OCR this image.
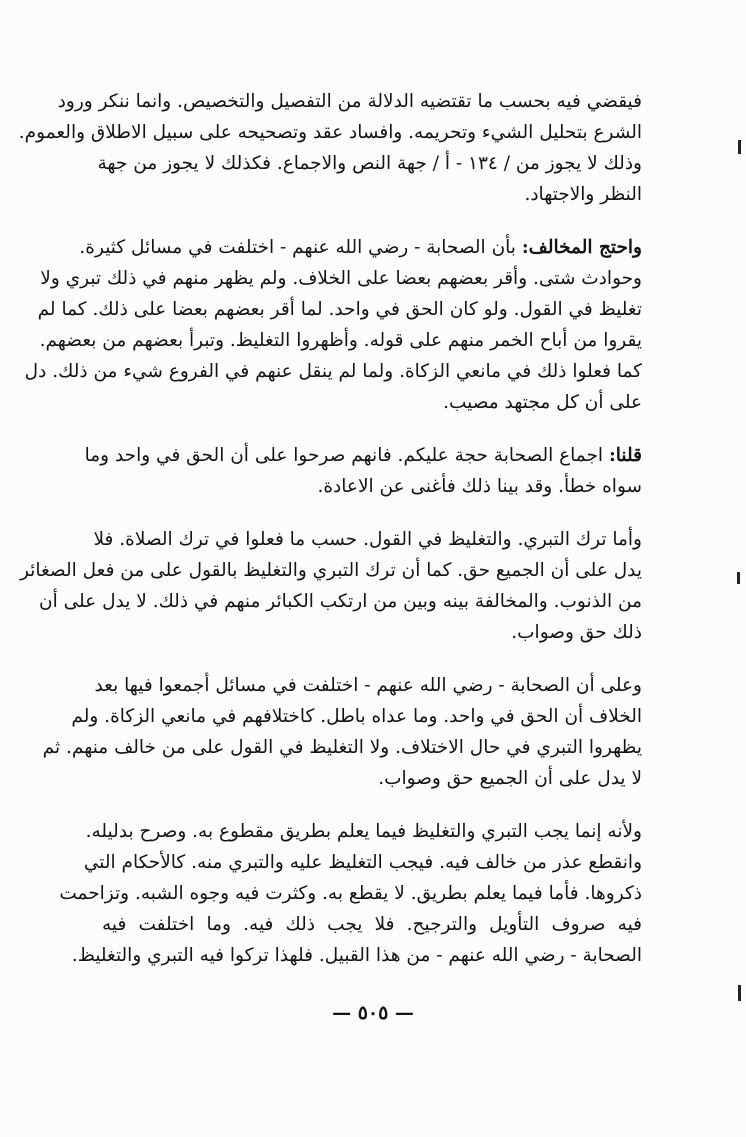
فيقضي فيه بحسب ما تقتضيه الدلالة من التفصيل والتخصيص. وانما ننكر ورود
الشرع بتحليل الشيء وتحريمه. وافساد عقد وتصحيحه على سبيل الاطلاق والعموم.
وذلك لا يجوز من / ١٣٤ - أ / جهة النص والاجماع. فكذلك لا يجوز من جهة
النظر والاجتهاد.
واحتج المخالف: بأن الصحابة - رضي الله عنهم - اختلفت في مسائل كثيرة.
وحوادث شتى. وأقر بعضهم بعضا على الخلاف. ولم يظهر منهم في ذلك تبري ولا
تغليظ في القول. ولو كان الحق في واحد. لما أقر بعضهم بعضا على ذلك. كما لم
يقروا من أباح الخمر منهم على قوله. وأظهروا التغليظ. وتبرأ بعضهم من بعضهم.
كما فعلوا ذلك في مانعي الزكاة. ولما لم ينقل عنهم في الفروع شيء من ذلك. دل
على أن كل مجتهد مصيب.
قلنا: اجماع الصحابة حجة عليكم. فانهم صرحوا على أن الحق في واحد وما
سواه خطأ. وقد بينا ذلك فأغنى عن الاعادة.
وأما ترك التبري. والتغليظ في القول. حسب ما فعلوا في ترك الصلاة. فلا
يدل على أن الجميع حق. كما أن ترك التبري والتغليظ بالقول على من فعل الصغائر
من الذنوب. والمخالفة بينه وبين من ارتكب الكبائر منهم في ذلك. لا يدل على أن
ذلك حق وصواب.
وعلى أن الصحابة - رضي الله عنهم - اختلفت في مسائل أجمعوا فيها بعد
الخلاف أن الحق في واحد. وما عداه باطل. كاختلافهم في مانعي الزكاة. ولم
يظهروا التبري في حال الاختلاف. ولا التغليظ في القول على من خالف منهم. ثم
لا يدل على أن الجميع حق وصواب.
ولأنه إنما يجب التبري والتغليظ فيما يعلم بطريق مقطوع به. وصرح بدليله.
وانقطع عذر من خالف فيه. فيجب التغليظ عليه والتبري منه. كالأحكام التي
ذكروها. فأما فيما يعلم بطريق. لا يقطع به. وكثرت فيه وجوه الشبه. وتزاحمت
فيه صروف التأويل والترجيح. فلا يجب ذلك فيه. وما اختلفت فيه
الصحابة - رضي الله عنهم - من هذا القبيل. فلهذا تركوا فيه التبري والتغليظ.
— ٥٠٥ —
